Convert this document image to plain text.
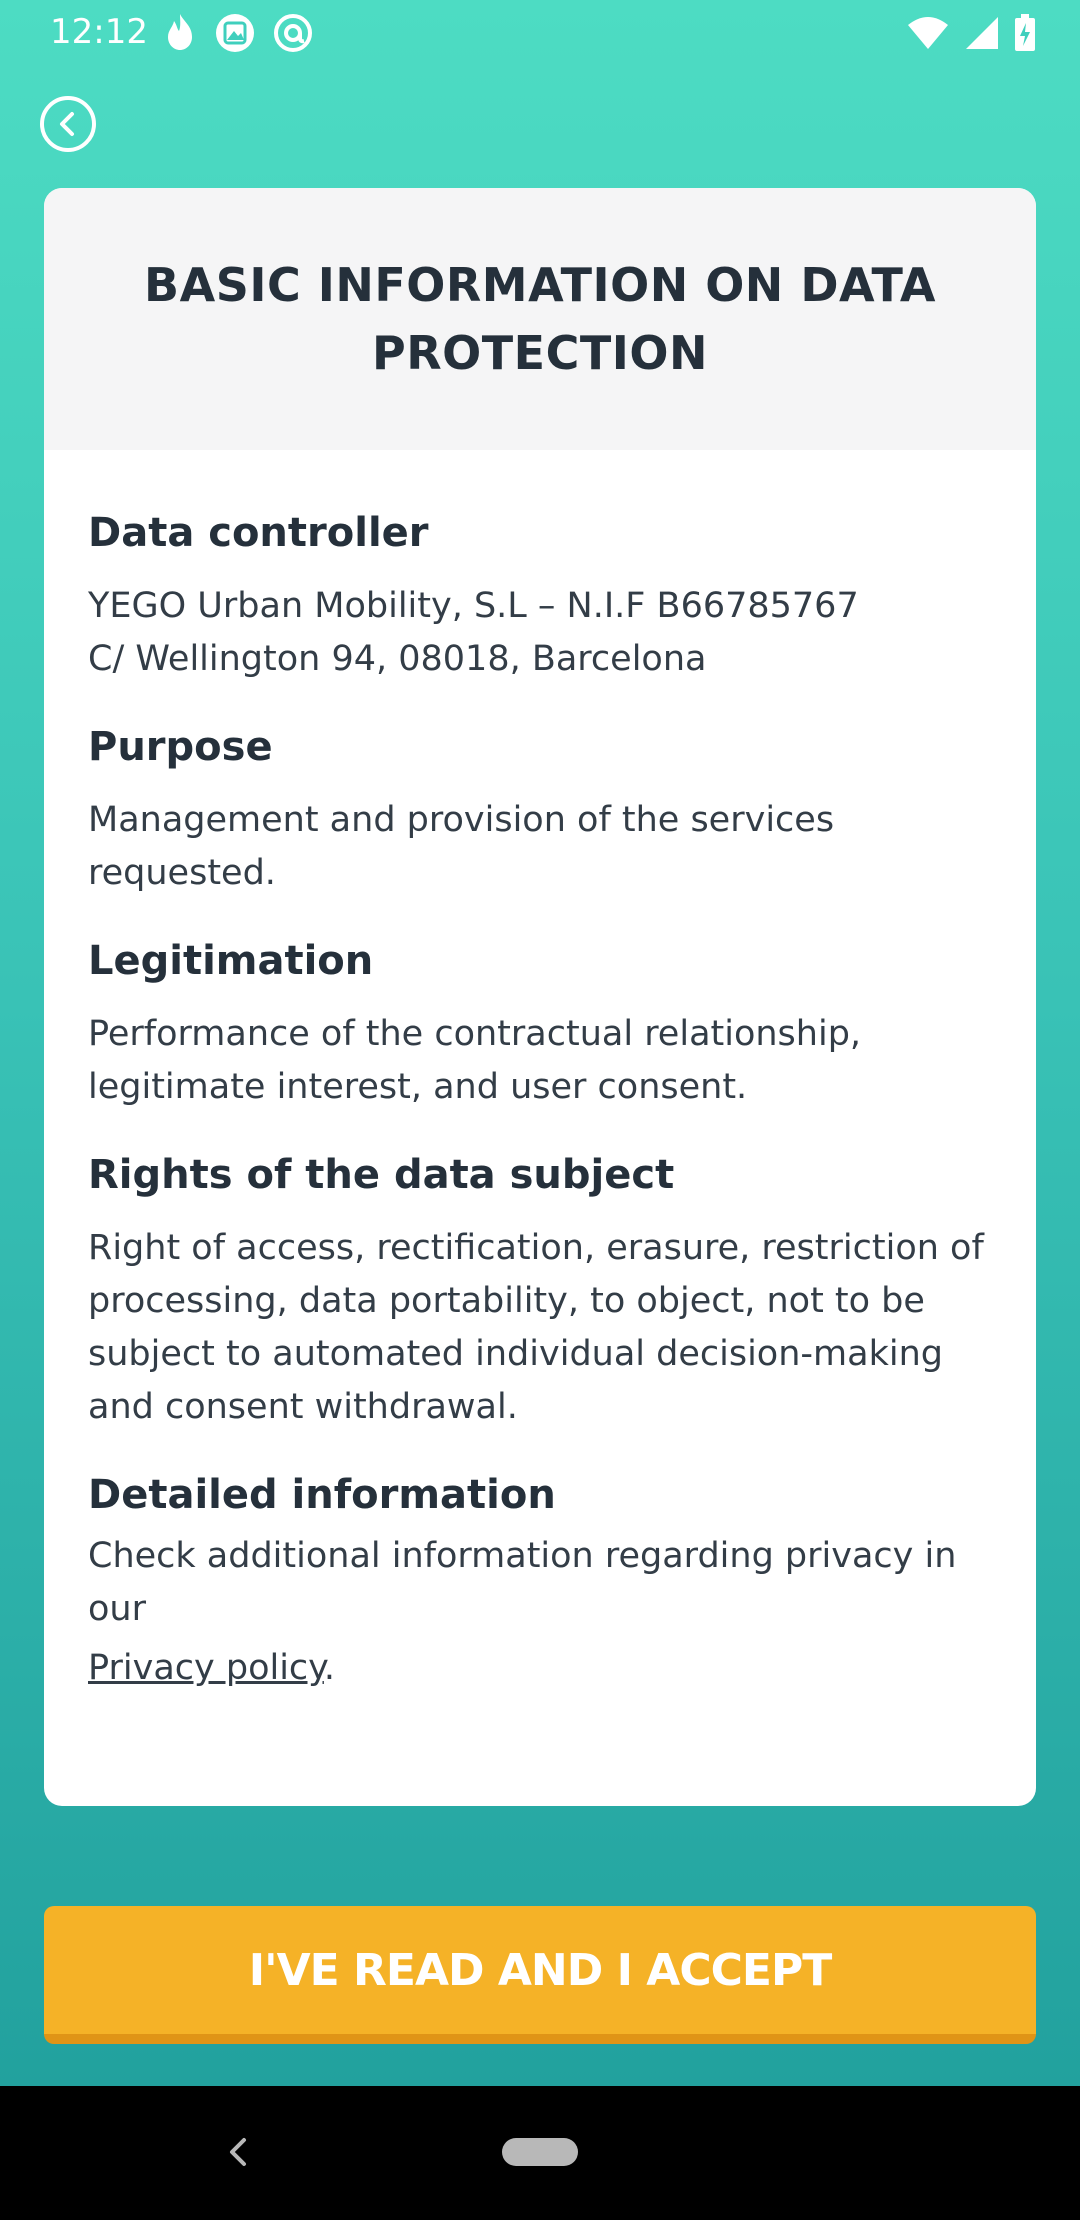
12:12
BASIC INFORMATION ON DATA PROTECTION
Data controller
YEGO Urban Mobility, S.L – N.I.F B66785767
C/ Wellington 94, 08018, Barcelona
Purpose
Management and provision of the services requested.
Legitimation
Performance of the contractual relationship, legitimate interest, and user consent.
Rights of the data subject
Right of access, rectification, erasure, restriction of processing, data portability, to object, not to be subject to automated individual decision-making and consent withdrawal.
Detailed information
Check additional information regarding privacy in our
Privacy policy.
I'VE READ AND I ACCEPT
